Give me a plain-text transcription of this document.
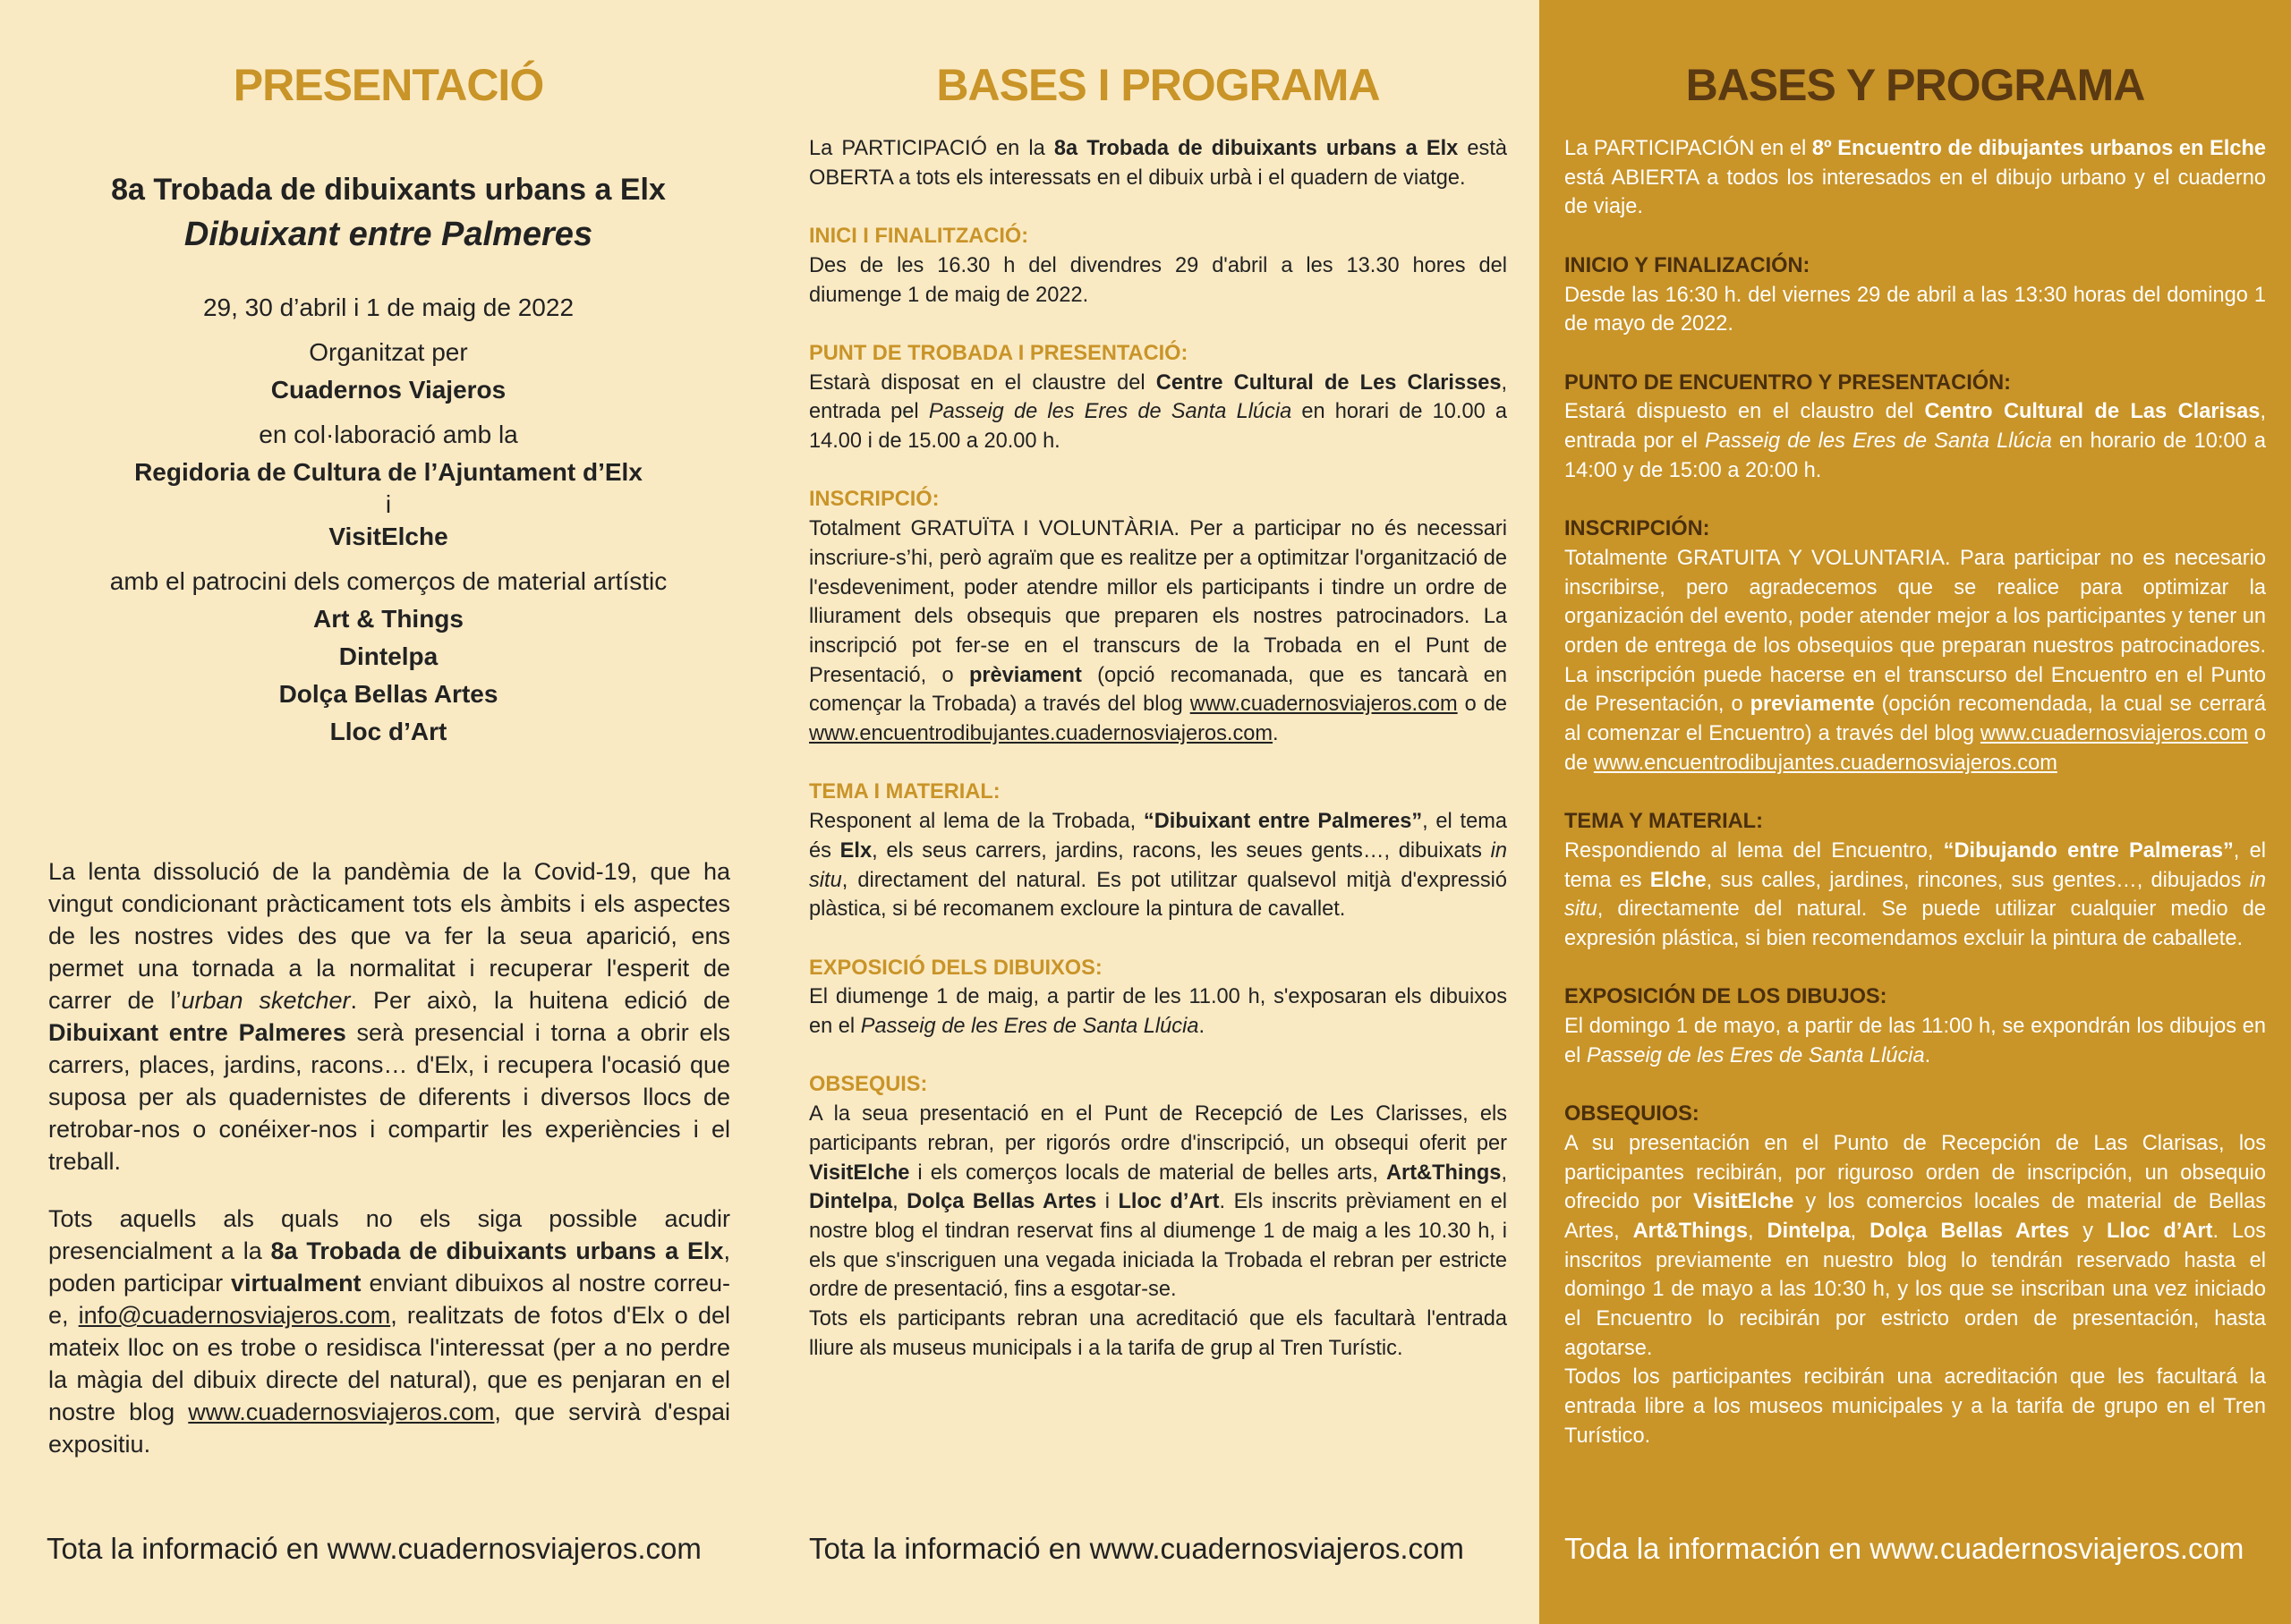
PRESENTACIÓ

8a Trobada de dibuixants urbans a Elx

Dibuixant entre Palmeres

29, 30 d’abril i 1 de maig de 2022

Organitzat per

Cuadernos Viajeros

en col·laboració amb la

Regidoria de Cultura de l’Ajuntament d’Elx

i

VisitElche

amb el patrocini dels comerços de material artístic

Art & Things

Dintelpa

Dolça Bellas Artes

Lloc d’Art

La lenta dissolució de la pandèmia de la Covid-19, que ha vingut condicionant pràcticament tots els àmbits i els aspectes de les nostres vides des que va fer la seua aparició, ens permet una tornada a la normalitat i recuperar l'esperit de carrer de l’urban sketcher. Per això, la huitena edició de Dibuixant entre Palmeres serà presencial i torna a obrir els carrers, places, jardins, racons… d'Elx, i recupera l'ocasió que suposa per als quadernistes de diferents i diversos llocs de retrobar-nos o conéixer-nos i compartir les experiències i el treball.

Tots aquells als quals no els siga possible acudir presencialment a la 8a Trobada de dibuixants urbans a Elx, poden participar virtualment enviant dibuixos al nostre correu-e, info@cuadernosviajeros.com, realitzats de fotos d'Elx o del mateix lloc on es trobe o residisca l'interessat (per a no perdre la màgia del dibuix directe del natural), que es penjaran en el nostre blog www.cuadernosviajeros.com, que servirà d'espai expositiu.

Tota la informació en www.cuadernosviajeros.com
BASES I PROGRAMA

La PARTICIPACIÓ en la 8a Trobada de dibuixants urbans a Elx està OBERTA a tots els interessats en el dibuix urbà i el quadern de viatge.

INICI I FINALITZACIÓ:

Des de les 16.30 h del divendres 29 d'abril a les 13.30 hores del diumenge 1 de maig de 2022.

PUNT DE TROBADA I PRESENTACIÓ:

Estarà disposat en el claustre del Centre Cultural de Les Clarisses, entrada pel Passeig de les Eres de Santa Llúcia en horari de 10.00 a 14.00 i de 15.00 a 20.00 h.

INSCRIPCIÓ:

Totalment GRATUÏTA I VOLUNTÀRIA. Per a participar no és necessari inscriure-s’hi, però agraïm que es realitze per a optimitzar l'organització de l'esdeveniment, poder atendre millor els participants i tindre un ordre de lliurament dels obsequis que preparen els nostres patrocinadors. La inscripció pot fer-se en el transcurs de la Trobada en el Punt de Presentació, o prèviament (opció recomanada, que es tancarà en començar la Trobada) a través del blog www.cuadernosviajeros.com o de www.encuentrodibujantes.cuadernosviajeros.com.

TEMA I MATERIAL:

Responent al lema de la Trobada, “Dibuixant entre Palmeres”, el tema és Elx, els seus carrers, jardins, racons, les seues gents…, dibuixats in situ, directament del natural. Es pot utilitzar qualsevol mitjà d'expressió plàstica, si bé recomanem excloure la pintura de cavallet.

EXPOSICIÓ DELS DIBUIXOS:

El diumenge 1 de maig, a partir de les 11.00 h, s'exposaran els dibuixos en el Passeig de les Eres de Santa Llúcia.

OBSEQUIS:

A la seua presentació en el Punt de Recepció de Les Clarisses, els participants rebran, per rigorós ordre d'inscripció, un obsequi oferit per VisitElche i els comerços locals de material de belles arts, Art&Things, Dintelpa, Dolça Bellas Artes i Lloc d’Art. Els inscrits prèviament en el nostre blog el tindran reservat fins al diumenge 1 de maig a les 10.30 h, i els que s'inscriguen una vegada iniciada la Trobada el rebran per estricte ordre de presentació, fins a esgotar-se.

Tots els participants rebran una acreditació que els facultarà l'entrada lliure als museus municipals i a la tarifa de grup al Tren Turístic.

Tota la informació en www.cuadernosviajeros.com
BASES Y PROGRAMA

La PARTICIPACIÓN en el 8º Encuentro de dibujantes urbanos en Elche está ABIERTA a todos los interesados en el dibujo urbano y el cuaderno de viaje.

INICIO Y FINALIZACIÓN:

Desde las 16:30 h. del viernes 29 de abril a las 13:30 horas del domingo 1 de mayo de 2022.

PUNTO DE ENCUENTRO Y PRESENTACIÓN:

Estará dispuesto en el claustro del Centro Cultural de Las Clarisas, entrada por el Passeig de les Eres de Santa Llúcia en horario de 10:00 a 14:00 y de 15:00 a 20:00 h.

INSCRIPCIÓN:

Totalmente GRATUITA Y VOLUNTARIA. Para participar no es necesario inscribirse, pero agradecemos que se realice para optimizar la organización del evento, poder atender mejor a los participantes y tener un orden de entrega de los obsequios que preparan nuestros patrocinadores. La inscripción puede hacerse en el transcurso del Encuentro en el Punto de Presentación, o previamente (opción recomendada, la cual se cerrará al comenzar el Encuentro) a través del blog www.cuadernosviajeros.com o de www.encuentrodibujantes.cuadernosviajeros.com

TEMA Y MATERIAL:

Respondiendo al lema del Encuentro, “Dibujando entre Palmeras”, el tema es Elche, sus calles, jardines, rincones, sus gentes…, dibujados in situ, directamente del natural. Se puede utilizar cualquier medio de expresión plástica, si bien recomendamos excluir la pintura de caballete.

EXPOSICIÓN DE LOS DIBUJOS:

El domingo 1 de mayo, a partir de las 11:00 h, se expondrán los dibujos en el Passeig de les Eres de Santa Llúcia.

OBSEQUIOS:

A su presentación en el Punto de Recepción de Las Clarisas, los participantes recibirán, por riguroso orden de inscripción, un obsequio ofrecido por VisitElche y los comercios locales de material de Bellas Artes, Art&Things, Dintelpa, Dolça Bellas Artes y Lloc d’Art. Los inscritos previamente en nuestro blog lo tendrán reservado hasta el domingo 1 de mayo a las 10:30 h, y los que se inscriban una vez iniciado el Encuentro lo recibirán por estricto orden de presentación, hasta agotarse.

Todos los participantes recibirán una acreditación que les facultará la entrada libre a los museos municipales y a la tarifa de grupo en el Tren Turístico.

Toda la información en www.cuadernosviajeros.com
